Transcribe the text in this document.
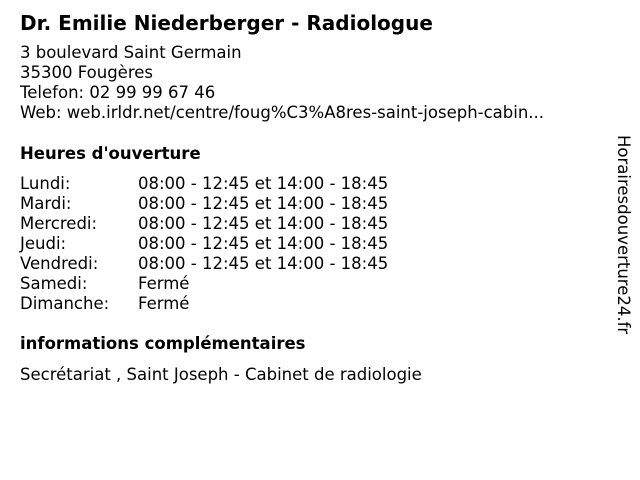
Dr. Emilie Niederberger - Radiologue
3 boulevard Saint Germain
35300 Fougères
Telefon: 02 99 99 67 46
Web: web.irldr.net/centre/foug%C3%A8res-saint-joseph-cabin...
Heures d'ouverture
Lundi:	08:00 - 12:45 et 14:00 - 18:45
Mardi:	08:00 - 12:45 et 14:00 - 18:45
Mercredi: 08:00 - 12:45 et 14:00 - 18:45
Jeudi:	08:00 - 12:45 et 14:00 - 18:45
Vendredi: 08:00 - 12:45 et 14:00 - 18:45
Samedi:	Fermé
Dimanche: Fermé
informations complémentaires
Secrétariat , Saint Joseph - Cabinet de radiologie
Horairesdouverture24.fr
